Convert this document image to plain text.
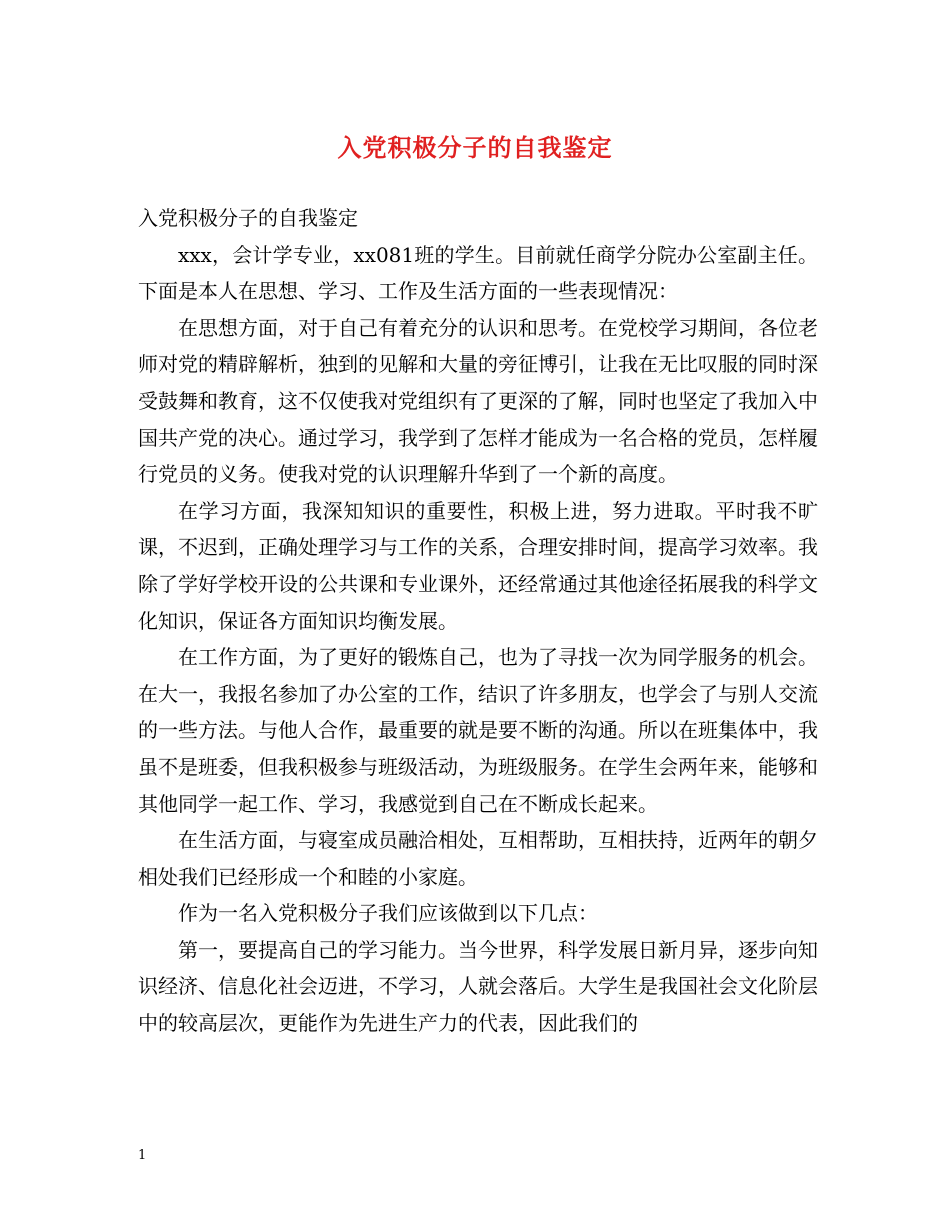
入党积极分子的自我鉴定

入党积极分子的自我鉴定

xxx，会计学专业，xx081班的学生。目前就任商学分院办公室副主任。下面是本人在思想、学习、工作及生活方面的一些表现情况：

在思想方面，对于自己有着充分的认识和思考。在党校学习期间，各位老师对党的精辟解析，独到的见解和大量的旁征博引，让我在无比叹服的同时深受鼓舞和教育，这不仅使我对党组织有了更深的了解，同时也坚定了我加入中国共产党的决心。通过学习，我学到了怎样才能成为一名合格的党员，怎样履行党员的义务。使我对党的认识理解升华到了一个新的高度。

在学习方面，我深知知识的重要性，积极上进，努力进取。平时我不旷课，不迟到，正确处理学习与工作的关系，合理安排时间，提高学习效率。我除了学好学校开设的公共课和专业课外，还经常通过其他途径拓展我的科学文化知识，保证各方面知识均衡发展。

在工作方面，为了更好的锻炼自己，也为了寻找一次为同学服务的机会。在大一，我报名参加了办公室的工作，结识了许多朋友，也学会了与别人交流的一些方法。与他人合作，最重要的就是要不断的沟通。所以在班集体中，我虽不是班委，但我积极参与班级活动，为班级服务。在学生会两年来，能够和其他同学一起工作、学习，我感觉到自己在不断成长起来。

在生活方面，与寝室成员融洽相处，互相帮助，互相扶持，近两年的朝夕相处我们已经形成一个和睦的小家庭。

作为一名入党积极分子我们应该做到以下几点：

第一，要提高自己的学习能力。当今世界，科学发展日新月异，逐步向知识经济、信息化社会迈进，不学习，人就会落后。大学生是我国社会文化阶层中的较高层次，更能作为先进生产力的代表，因此我们的

1
